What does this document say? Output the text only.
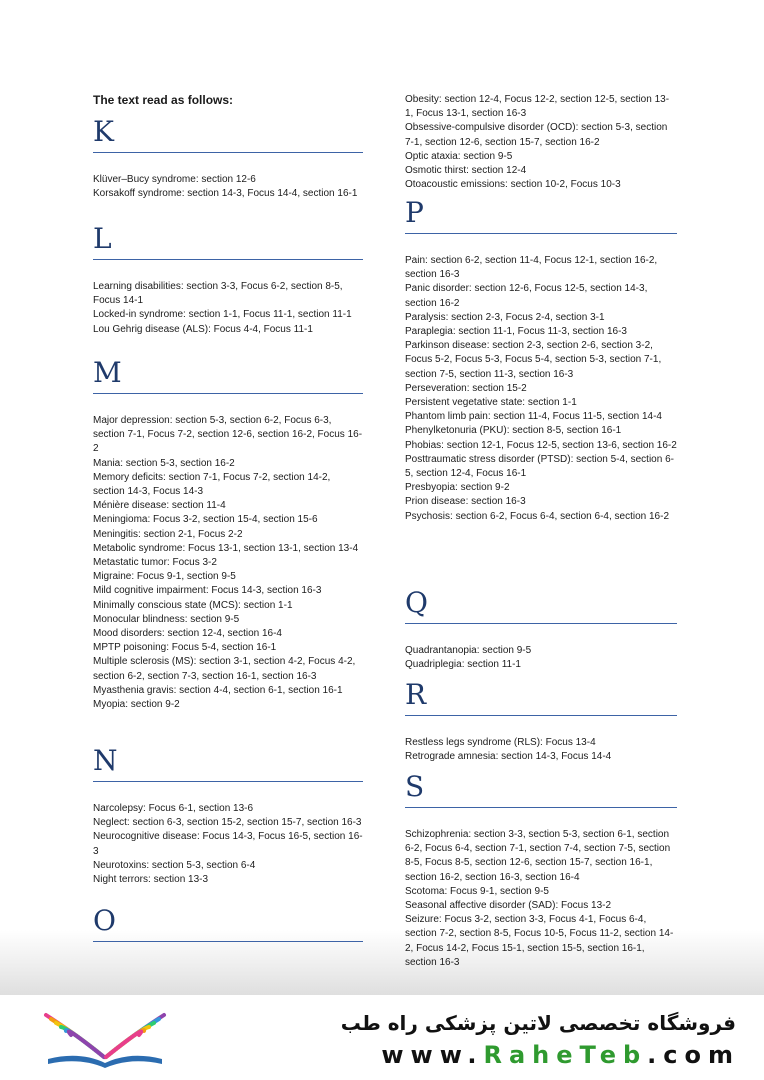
The text read as follows:
K
Klüver–Bucy syndrome: section 12-6
Korsakoff syndrome: section 14-3, Focus 14-4, section 16-1
L
Learning disabilities: section 3-3, Focus 6-2, section 8-5, Focus 14-1
Locked-in syndrome: section 1-1, Focus 11-1, section 11-1
Lou Gehrig disease (ALS): Focus 4-4, Focus 11-1
M
Major depression: section 5-3, section 6-2, Focus 6-3, section 7-1, Focus 7-2, section 12-6, section 16-2, Focus 16-2
Mania: section 5-3, section 16-2
Memory deficits: section 7-1, Focus 7-2, section 14-2, section 14-3, Focus 14-3
Ménière disease: section 11-4
Meningioma: Focus 3-2, section 15-4, section 15-6
Meningitis: section 2-1, Focus 2-2
Metabolic syndrome: Focus 13-1, section 13-1, section 13-4
Metastatic tumor: Focus 3-2
Migraine: Focus 9-1, section 9-5
Mild cognitive impairment: Focus 14-3, section 16-3
Minimally conscious state (MCS): section 1-1
Monocular blindness: section 9-5
Mood disorders: section 12-4, section 16-4
MPTP poisoning: Focus 5-4, section 16-1
Multiple sclerosis (MS): section 3-1, section 4-2, Focus 4-2, section 6-2, section 7-3, section 16-1, section 16-3
Myasthenia gravis: section 4-4, section 6-1, section 16-1
Myopia: section 9-2
N
Narcolepsy: Focus 6-1, section 13-6
Neglect: section 6-3, section 15-2, section 15-7, section 16-3
Neurocognitive disease: Focus 14-3, Focus 16-5, section 16-3
Neurotoxins: section 5-3, section 6-4
Night terrors: section 13-3
O
Obesity: section 12-4, Focus 12-2, section 12-5, section 13-1, Focus 13-1, section 16-3
Obsessive-compulsive disorder (OCD): section 5-3, section 7-1, section 12-6, section 15-7, section 16-2
Optic ataxia: section 9-5
Osmotic thirst: section 12-4
Otoacoustic emissions: section 10-2, Focus 10-3
P
Pain: section 6-2, section 11-4, Focus 12-1, section 16-2, section 16-3
Panic disorder: section 12-6, Focus 12-5, section 14-3, section 16-2
Paralysis: section 2-3, Focus 2-4, section 3-1
Paraplegia: section 11-1, Focus 11-3, section 16-3
Parkinson disease: section 2-3, section 2-6, section 3-2, Focus 5-2, Focus 5-3, Focus 5-4, section 5-3, section 7-1, section 7-5, section 11-3, section 16-3
Perseveration: section 15-2
Persistent vegetative state: section 1-1
Phantom limb pain: section 11-4, Focus 11-5, section 14-4
Phenylketonuria (PKU): section 8-5, section 16-1
Phobias: section 12-1, Focus 12-5, section 13-6, section 16-2
Posttraumatic stress disorder (PTSD): section 5-4, section 6-5, section 12-4, Focus 16-1
Presbyopia: section 9-2
Prion disease: section 16-3
Psychosis: section 6-2, Focus 6-4, section 6-4, section 16-2
Q
Quadrantanopia: section 9-5
Quadriplegia: section 11-1
R
Restless legs syndrome (RLS): Focus 13-4
Retrograde amnesia: section 14-3, Focus 14-4
S
Schizophrenia: section 3-3, section 5-3, section 6-1, section 6-2, Focus 6-4, section 7-1, section 7-4, section 7-5, section 8-5, Focus 8-5, section 12-6, section 15-7, section 16-1, section 16-2, section 16-3, section 16-4
Scotoma: Focus 9-1, section 9-5
Seasonal affective disorder (SAD): Focus 13-2
Seizure: Focus 3-2, section 3-3, Focus 4-1, Focus 6-4, section 7-2, section 8-5, Focus 10-5, Focus 11-2, section 14-2, Focus 14-2, Focus 15-1, section 15-5, section 16-1, section 16-3
فروشگاه تخصصی لاتین پزشکی راه طب
www.RaheTeb.com
